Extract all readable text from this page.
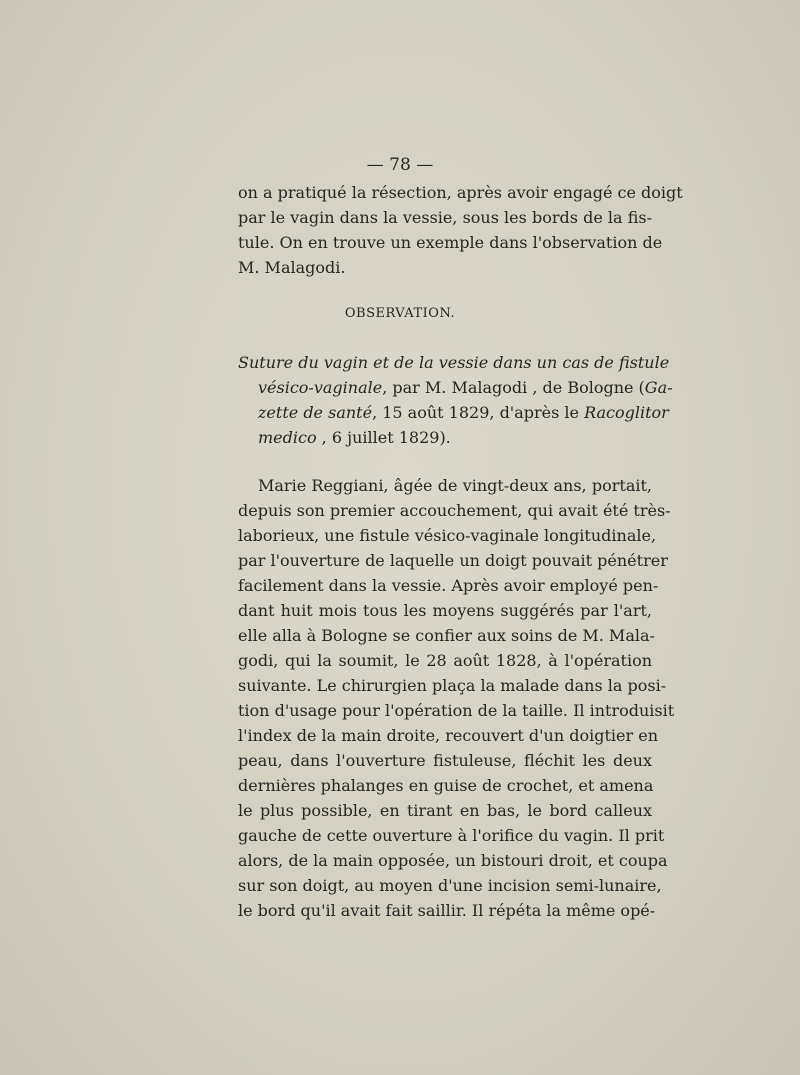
— 78 —
on a pratiqué la résection, après avoir engagé ce doigt
par le vagin dans la vessie, sous les bords de la fis-
tule. On en trouve un exemple dans l'observation de
M. Malagodi.
OBSERVATION.
Suture du vagin et de la vessie dans un cas de fistule
vésico-vaginale, par M. Malagodi , de Bologne (Ga-
zette de santé, 15 août 1829, d'après le Racoglitor
medico , 6 juillet 1829).
Marie Reggiani, âgée de vingt-deux ans, portait,
depuis son premier accouchement, qui avait été très-
laborieux, une fistule vésico-vaginale longitudinale,
par l'ouverture de laquelle un doigt pouvait pénétrer
facilement dans la vessie. Après avoir employé pen-
dant huit mois tous les moyens suggérés par l'art,
elle alla à Bologne se confier aux soins de M. Mala-
godi, qui la soumit, le 28 août 1828, à l'opération
suivante. Le chirurgien plaça la malade dans la posi-
tion d'usage pour l'opération de la taille. Il introduisit
l'index de la main droite, recouvert d'un doigtier en
peau, dans l'ouverture fistuleuse, fléchit les deux
dernières phalanges en guise de crochet, et amena
le plus possible, en tirant en bas, le bord calleux
gauche de cette ouverture à l'orifice du vagin. Il prit
alors, de la main opposée, un bistouri droit, et coupa
sur son doigt, au moyen d'une incision semi-lunaire,
le bord qu'il avait fait saillir. Il répéta la même opé-
